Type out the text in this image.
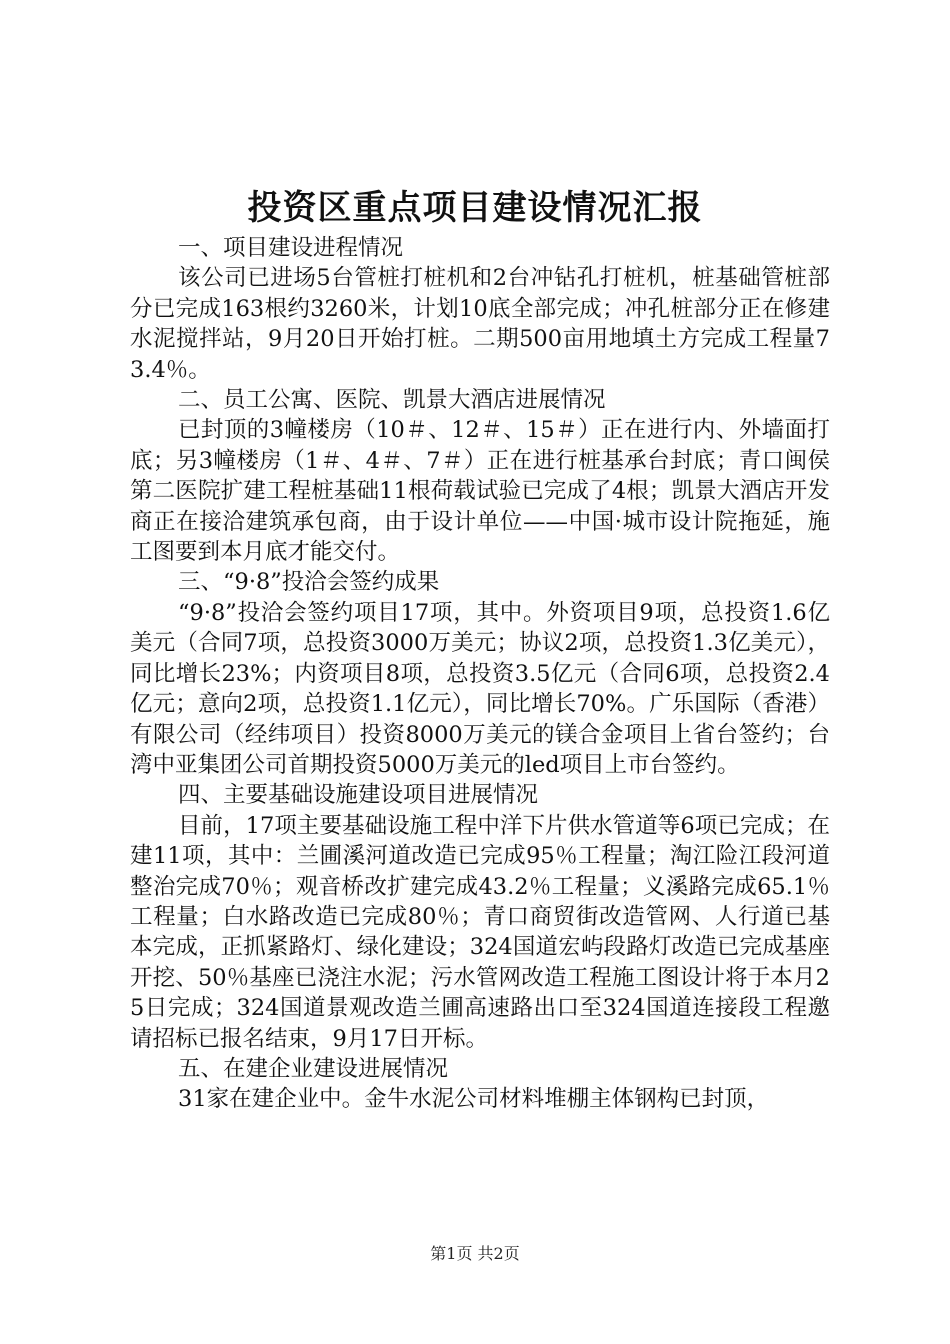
投资区重点项目建设情况汇报

一、项目建设进程情况

该公司已进场5台管桩打桩机和2台冲钻孔打桩机，桩基础管桩部分已完成163根约3260米，计划10底全部完成；冲孔桩部分正在修建水泥搅拌站，9月20日开始打桩。二期500亩用地填土方完成工程量73.4％。

二、员工公寓、医院、凯景大酒店进展情况

已封顶的3幢楼房（10＃、12＃、15＃）正在进行内、外墙面打底；另3幢楼房（1＃、4＃、7＃）正在进行桩基承台封底；青口闽侯第二医院扩建工程桩基础11根荷载试验已完成了4根；凯景大酒店开发商正在接洽建筑承包商，由于设计单位——中国·城市设计院拖延，施工图要到本月底才能交付。

三、“9·8”投洽会签约成果

“9·8”投洽会签约项目17项，其中。外资项目9项，总投资1.6亿美元（合同7项，总投资3000万美元；协议2项，总投资1.3亿美元），同比增长23%；内资项目8项，总投资3.5亿元（合同6项，总投资2.4亿元；意向2项，总投资1.1亿元），同比增长70%。广乐国际（香港）有限公司（经纬项目）投资8000万美元的镁合金项目上省台签约；台湾中亚集团公司首期投资5000万美元的led项目上市台签约。

四、主要基础设施建设项目进展情况

目前，17项主要基础设施工程中洋下片供水管道等6项已完成；在建11项，其中：兰圃溪河道改造已完成95％工程量；淘江险江段河道整治完成70％；观音桥改扩建完成43.2％工程量；义溪路完成65.1％工程量；白水路改造已完成80％；青口商贸街改造管网、人行道已基本完成，正抓紧路灯、绿化建设；324国道宏屿段路灯改造已完成基座开挖、50％基座已浇注水泥；污水管网改造工程施工图设计将于本月25日完成；324国道景观改造兰圃高速路出口至324国道连接段工程邀请招标已报名结束，9月17日开标。

五、在建企业建设进展情况

31家在建企业中。金牛水泥公司材料堆棚主体钢构已封顶，

第1页 共2页
